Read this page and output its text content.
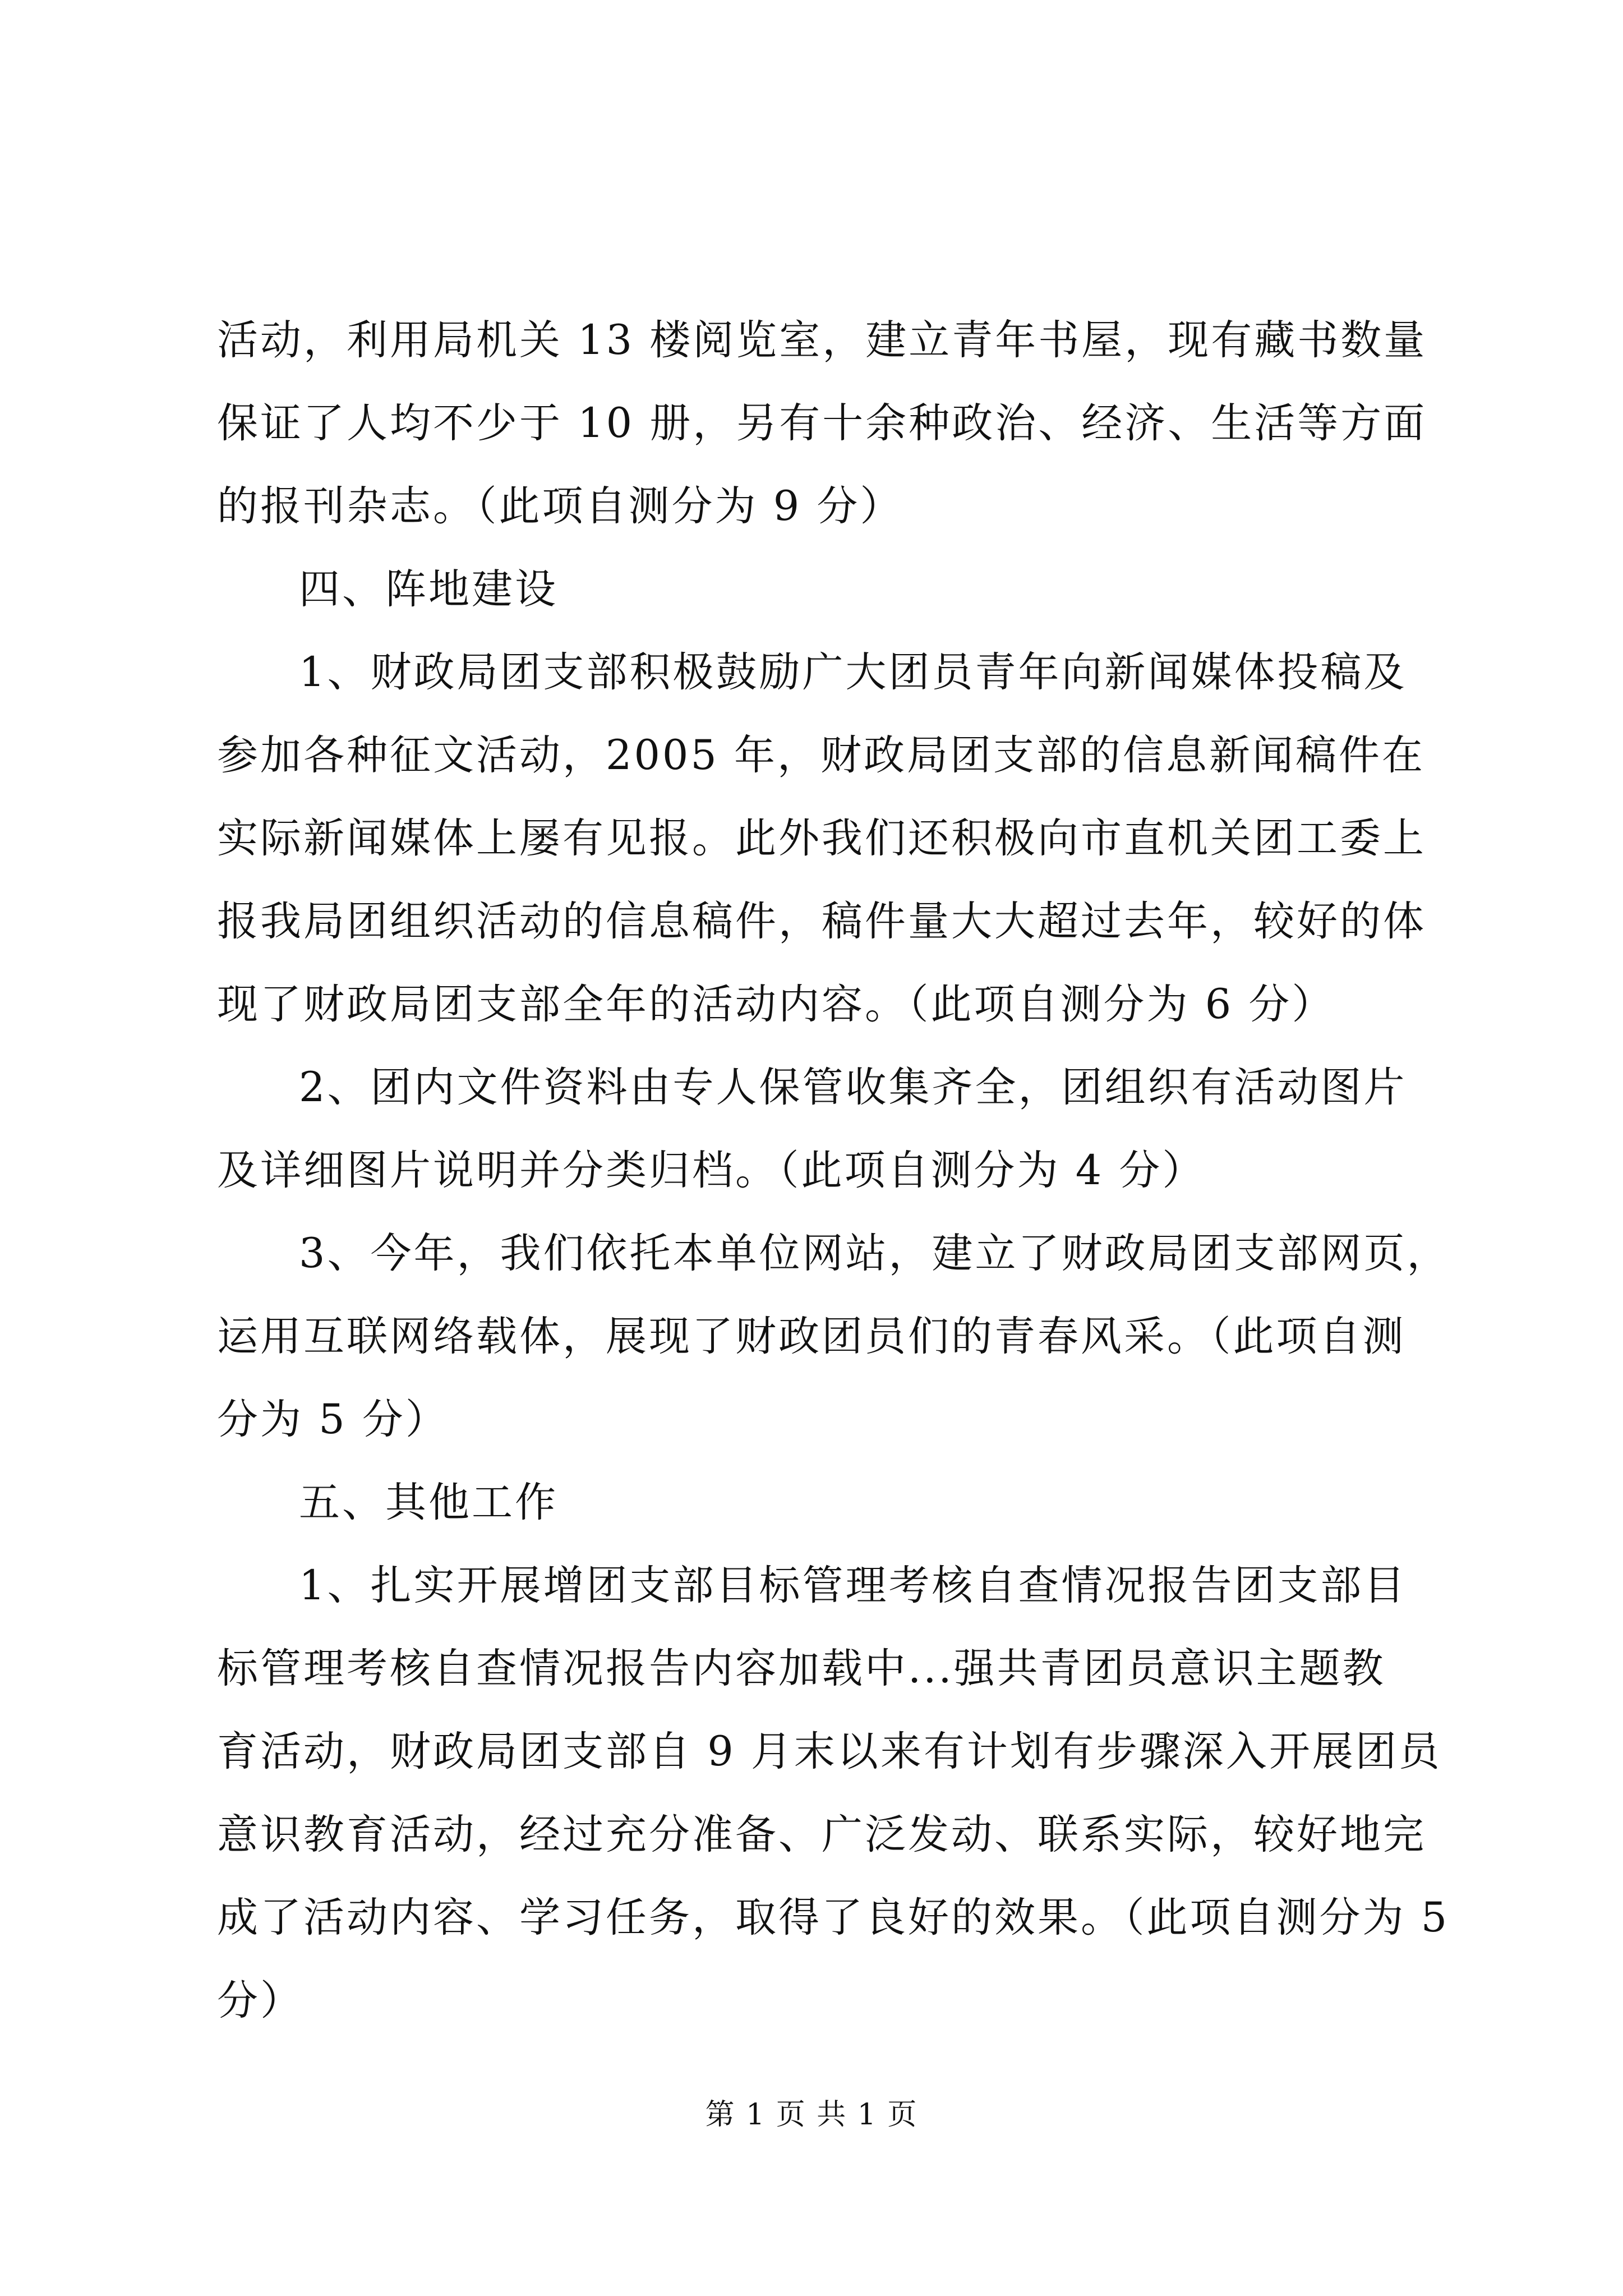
活动，利用局机关 13 楼阅览室，建立青年书屋，现有藏书数量
保证了人均不少于 10 册，另有十余种政治、经济、生活等方面
的报刊杂志。（此项自测分为 9 分）
四、阵地建设
1、财政局团支部积极鼓励广大团员青年向新闻媒体投稿及
参加各种征文活动，2005 年，财政局团支部的信息新闻稿件在
实际新闻媒体上屡有见报。此外我们还积极向市直机关团工委上
报我局团组织活动的信息稿件，稿件量大大超过去年，较好的体
现了财政局团支部全年的活动内容。（此项自测分为 6 分）
2、团内文件资料由专人保管收集齐全，团组织有活动图片
及详细图片说明并分类归档。（此项自测分为 4 分）
3、今年，我们依托本单位网站，建立了财政局团支部网页，
运用互联网络载体，展现了财政团员们的青春风采。（此项自测
分为 5 分）
五、其他工作
1、扎实开展增团支部目标管理考核自查情况报告团支部目
标管理考核自查情况报告内容加载中...强共青团员意识主题教
育活动，财政局团支部自 9 月末以来有计划有步骤深入开展团员
意识教育活动，经过充分准备、广泛发动、联系实际，较好地完
成了活动内容、学习任务，取得了良好的效果。（此项自测分为 5
分）
第 1 页 共 1 页
